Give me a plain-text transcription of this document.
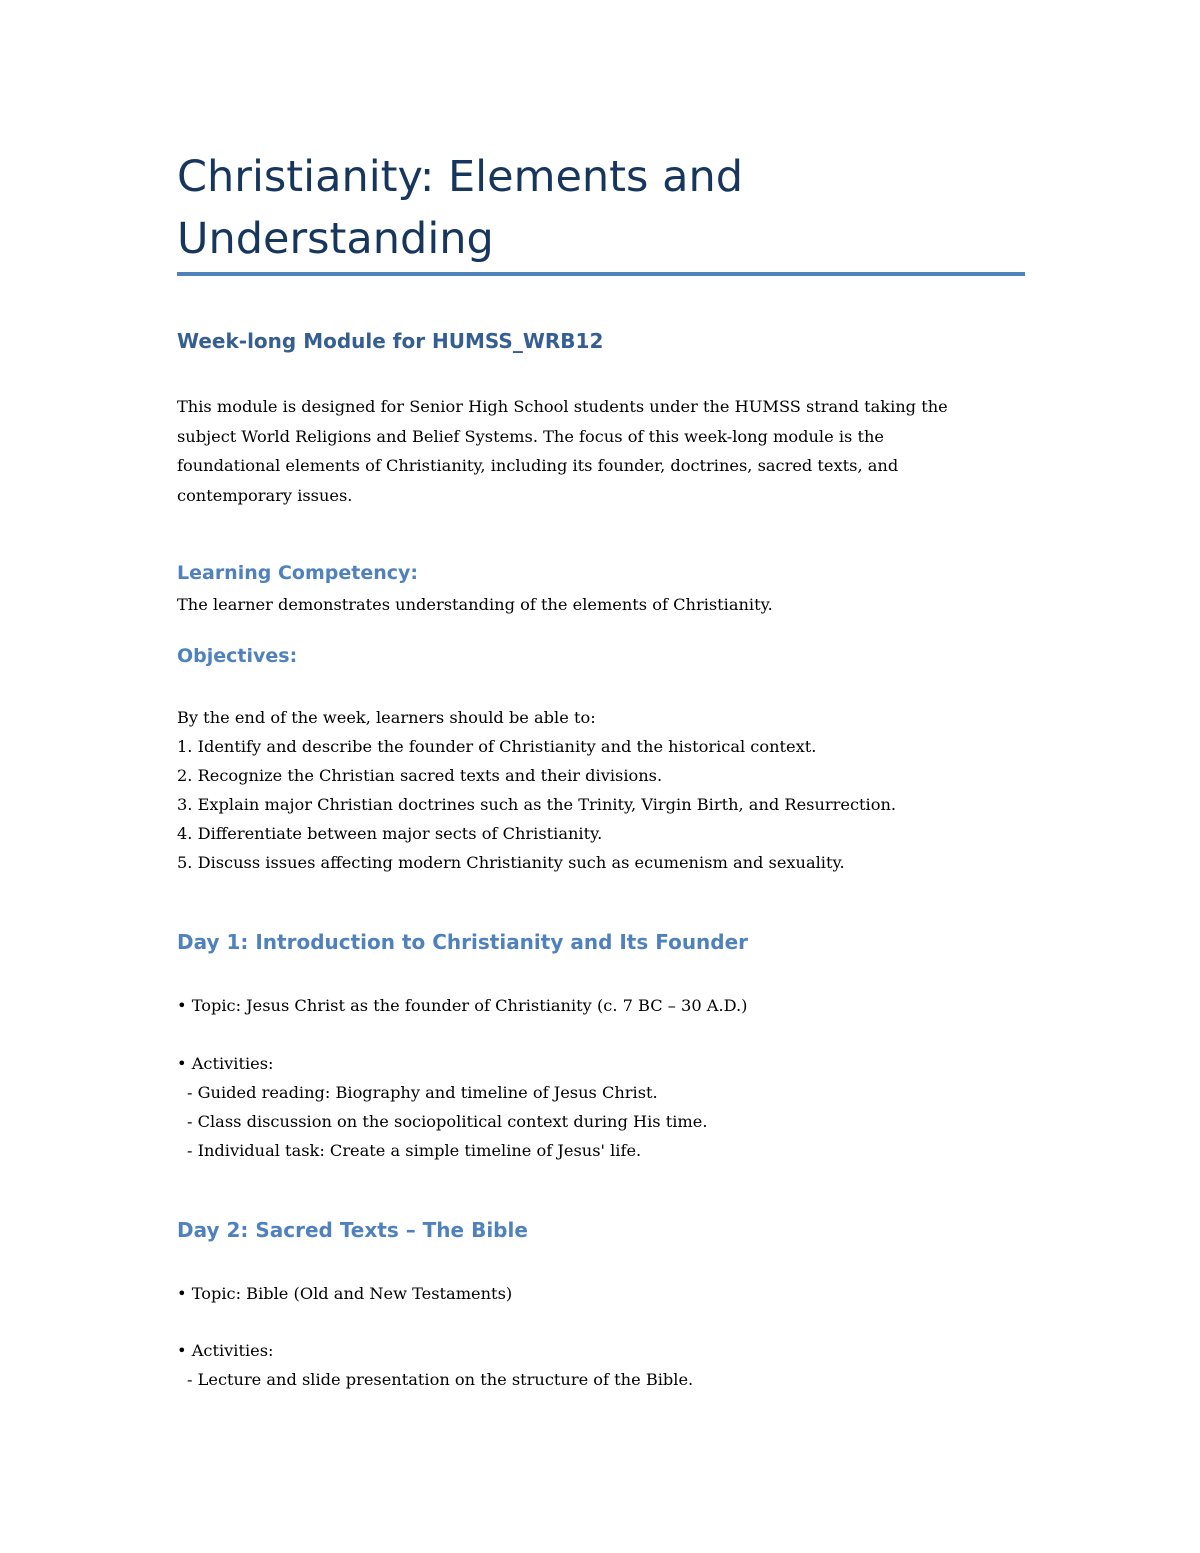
Christianity: Elements and
Understanding
Week-long Module for HUMSS_WRB12

This module is designed for Senior High School students under the HUMSS strand taking the
subject World Religions and Belief Systems. The focus of this week-long module is the
foundational elements of Christianity, including its founder, doctrines, sacred texts, and
contemporary issues.

Learning Competency:

The learner demonstrates understanding of the elements of Christianity.

Objectives:
By the end of the week, learners should be able to:
1. Identify and describe the founder of Christianity and the historical context.
2. Recognize the Christian sacred texts and their divisions.
3. Explain major Christian doctrines such as the Trinity, Virgin Birth, and Resurrection.
4. Differentiate between major sects of Christianity.
5. Discuss issues affecting modern Christianity such as ecumenism and sexuality.
Day 1: Introduction to Christianity and Its Founder

• Topic: Jesus Christ as the founder of Christianity (c. 7 BC – 30 A.D.)

• Activities:
- Guided reading: Biography and timeline of Jesus Christ.
- Class discussion on the sociopolitical context during His time.
- Individual task: Create a simple timeline of Jesus' life.
Day 2: Sacred Texts – The Bible

• Topic: Bible (Old and New Testaments)

• Activities:
- Lecture and slide presentation on the structure of the Bible.
